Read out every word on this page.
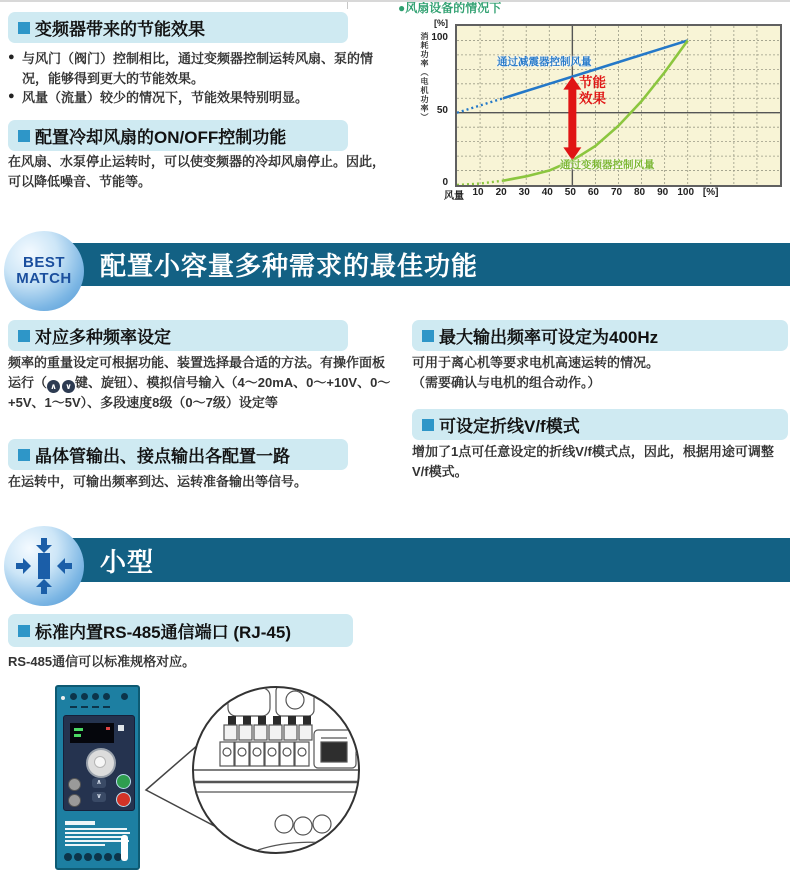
变频器带来的节能效果
● 与风门（阀门）控制相比，通过变频器控制运转风扇、泵的情况，能够得到更大的节能效果。
● 风量（流量）较少的情况下，节能效果特别明显。
配置冷却风扇的ON/OFF控制功能

在风扇、水泵停止运转时，可以使变频器的冷却风扇停止。因此，可以降低噪音、节能等。

●风扇设备的情况下
消耗功率（电机功率）
[%]
100
50
0
通过减震器控制风量
通过变频器控制风量
节能
效果
风量 10	20	30	40	50	60	70	80	90 100 [%]
BEST
MATCH 配置小容量多种需求的最佳功能
对应多种频率设定

频率的重量设定可根据功能、装置选择最合适的方法。有操作面板运行（ ∧ ∨ 键、旋钮）、模拟信号输入（4～20mA、0～+10V、0～+5V、1～5V）、多段速度8级（0～7级）设定等

晶体管输出、接点输出各配置一路

在运转中，可输出频率到达、运转准备输出等信号。

最大输出频率可设定为400Hz

可用于离心机等要求电机高速运转的情况。
（需要确认与电机的组合动作。）

可设定折线V/f模式

增加了1点可任意设定的折线V/f模式点，因此，根据用途可调整V/f模式。

小型
标准内置RS-485通信端口 (RJ-45)

RS-485通信可以标准规格对应。

∧
∨
